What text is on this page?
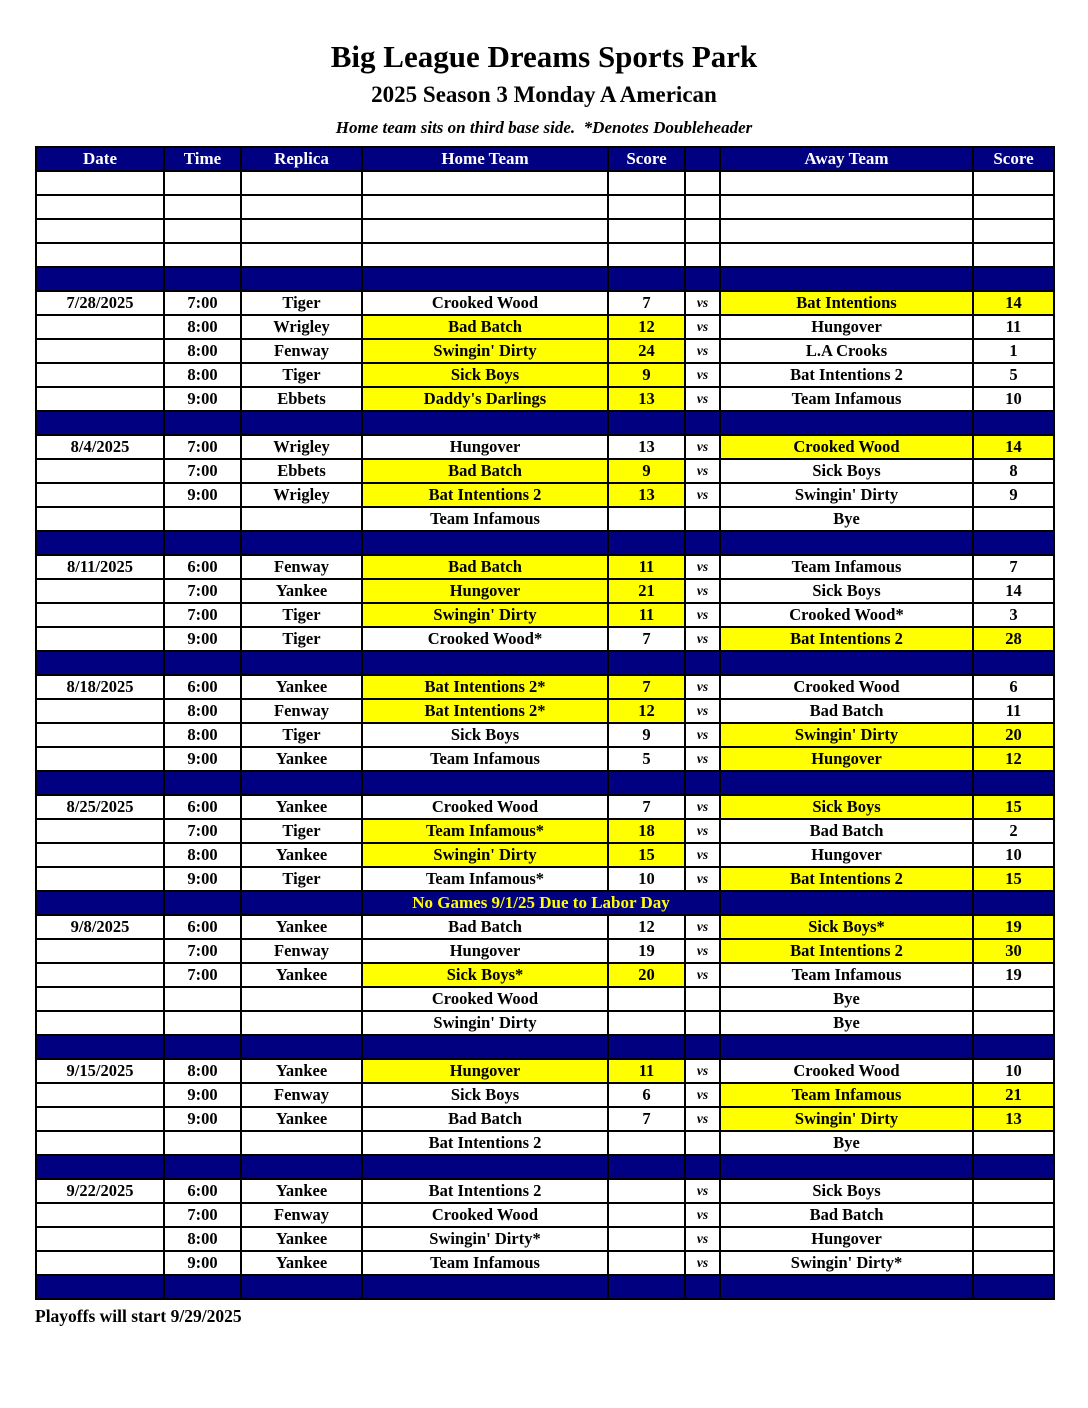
Big League Dreams Sports Park
2025 Season 3 Monday A American
Home team sits on third base side.  *Denotes Doubleheader
Date	Time	Replica	Home Team	Score		Away Team	Score

7/28/2025	7:00	Tiger	Crooked Wood	7	vs	Bat Intentions	14
	8:00	Wrigley	Bad Batch	12	vs	Hungover	11
	8:00	Fenway	Swingin' Dirty	24	vs	L.A Crooks	1
	8:00	Tiger	Sick Boys	9	vs	Bat Intentions 2	5
	9:00	Ebbets	Daddy's Darlings	13	vs	Team Infamous	10

8/4/2025	7:00	Wrigley	Hungover	13	vs	Crooked Wood	14
	7:00	Ebbets	Bad Batch	9	vs	Sick Boys	8
	9:00	Wrigley	Bat Intentions 2	13	vs	Swingin' Dirty	9
			Team Infamous			Bye	

8/11/2025	6:00	Fenway	Bad Batch	11	vs	Team Infamous	7
	7:00	Yankee	Hungover	21	vs	Sick Boys	14
	7:00	Tiger	Swingin' Dirty	11	vs	Crooked Wood*	3
	9:00	Tiger	Crooked Wood*	7	vs	Bat Intentions 2	28

8/18/2025	6:00	Yankee	Bat Intentions 2*	7	vs	Crooked Wood	6
	8:00	Fenway	Bat Intentions 2*	12	vs	Bad Batch	11
	8:00	Tiger	Sick Boys	9	vs	Swingin' Dirty	20
	9:00	Yankee	Team Infamous	5	vs	Hungover	12

8/25/2025	6:00	Yankee	Crooked Wood	7	vs	Sick Boys	15
	7:00	Tiger	Team Infamous*	18	vs	Bad Batch	2
	8:00	Yankee	Swingin' Dirty	15	vs	Hungover	10
	9:00	Tiger	Team Infamous*	10	vs	Bat Intentions 2	15
			No Games 9/1/25 Due to Labor Day				
9/8/2025	6:00	Yankee	Bad Batch	12	vs	Sick Boys*	19
	7:00	Fenway	Hungover	19	vs	Bat Intentions 2	30
	7:00	Yankee	Sick Boys*	20	vs	Team Infamous	19
			Crooked Wood			Bye	
			Swingin' Dirty			Bye	

9/15/2025	8:00	Yankee	Hungover	11	vs	Crooked Wood	10
	9:00	Fenway	Sick Boys	6	vs	Team Infamous	21
	9:00	Yankee	Bad Batch	7	vs	Swingin' Dirty	13
			Bat Intentions 2			Bye	

9/22/2025	6:00	Yankee	Bat Intentions 2		vs	Sick Boys	
	7:00	Fenway	Crooked Wood		vs	Bad Batch	
	8:00	Yankee	Swingin' Dirty*		vs	Hungover	
	9:00	Yankee	Team Infamous		vs	Swingin' Dirty*	

Playoffs will start 9/29/2025
